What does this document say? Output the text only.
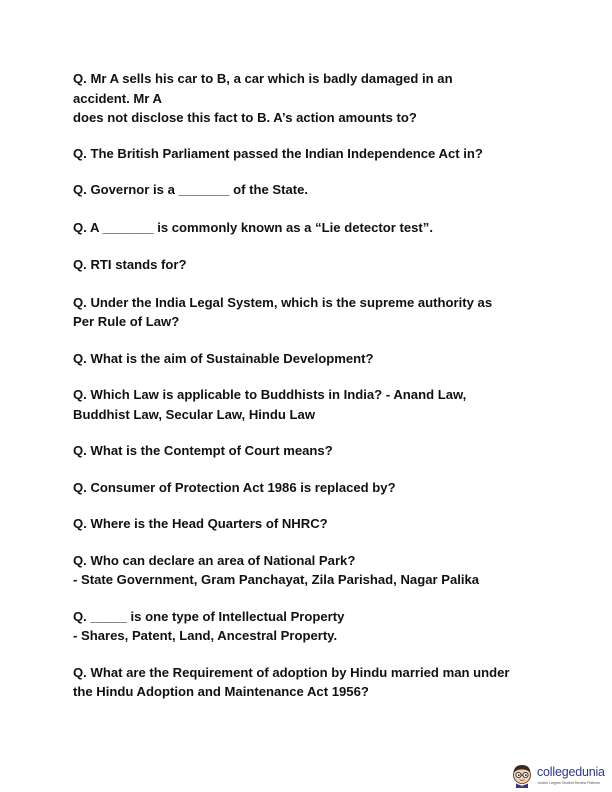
Q. Mr A sells his car to B, a car which is badly damaged in an
accident. Mr A
does not disclose this fact to B. A’s action amounts to?

Q. The British Parliament passed the Indian Independence Act in?

Q. Governor is a _______ of the State.

Q. A _______ is commonly known as a “Lie detector test”.

Q. RTI stands for?

Q. Under the India Legal System, which is the supreme authority as
Per Rule of Law?

Q. What is the aim of Sustainable Development?

Q. Which Law is applicable to Buddhists in India? - Anand Law,
Buddhist Law, Secular Law, Hindu Law

Q. What is the Contempt of Court means?

Q. Consumer of Protection Act 1986 is replaced by?

Q. Where is the Head Quarters of NHRC?

Q. Who can declare an area of National Park?
- State Government, Gram Panchayat, Zila Parishad, Nagar Palika

Q. _____ is one type of Intellectual Property
- Shares, Patent, Land, Ancestral Property.

Q. What are the Requirement of adoption by Hindu married man under
the Hindu Adoption and Maintenance Act 1956?

collegedunia
India's Largest Student Review Platform
